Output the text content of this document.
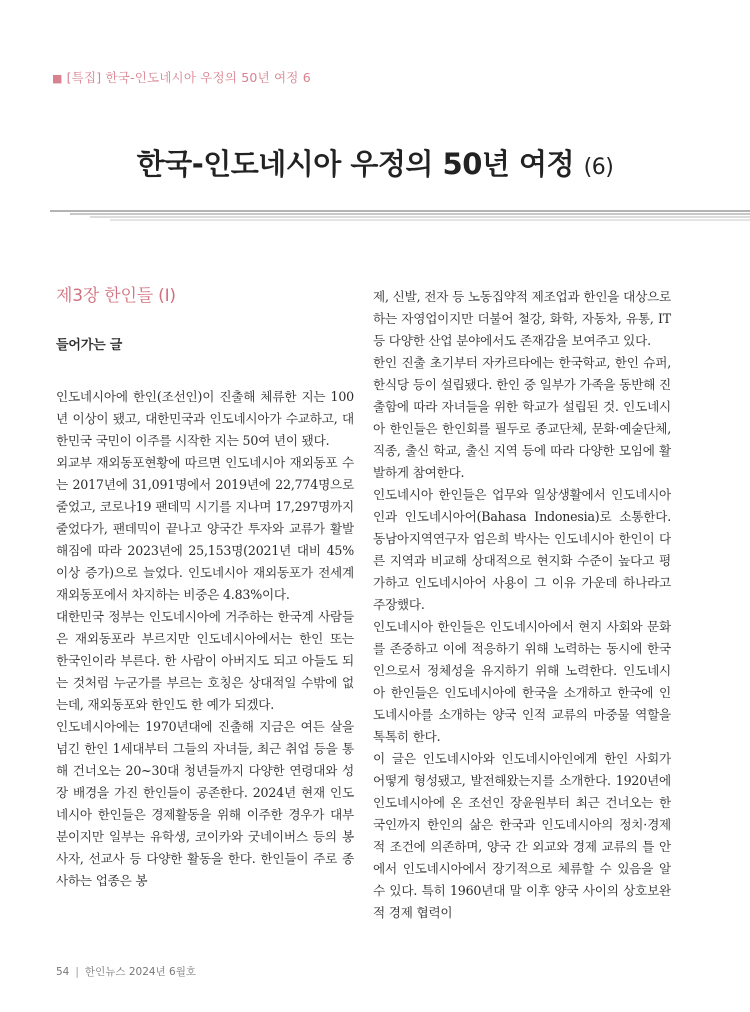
■ [특집] 한국-인도네시아 우정의 50년 여정 6
한국-인도네시아 우정의 50년 여정 (6)

제3장 한인들 (I)

들어가는 글

인도네시아에 한인(조선인)이 진출해 체류한 지는 100년 이상이 됐고, 대한민국과 인도네시아가 수교하고, 대한민국 국민이 이주를 시작한 지는 50여 년이 됐다.

외교부 재외동포현황에 따르면 인도네시아 재외동포 수는 2017년에 31,091명에서 2019년에 22,774명으로 줄었고, 코로나19 팬데믹 시기를 지나며 17,297명까지 줄었다가, 팬데믹이 끝나고 양국간 투자와 교류가 활발해짐에 따라 2023년에 25,153명(2021년 대비 45% 이상 증가)으로 늘었다. 인도네시아 재외동포가 전세계 재외동포에서 차지하는 비중은 4.83%이다.

대한민국 정부는 인도네시아에 거주하는 한국계 사람들은 재외동포라 부르지만 인도네시아에서는 한인 또는 한국인이라 부른다. 한 사람이 아버지도 되고 아들도 되는 것처럼 누군가를 부르는 호칭은 상대적일 수밖에 없는데, 재외동포와 한인도 한 예가 되겠다.

인도네시아에는 1970년대에 진출해 지금은 여든 살을 넘긴 한인 1세대부터 그들의 자녀들, 최근 취업 등을 통해 건너오는 20~30대 청년들까지 다양한 연령대와 성장 배경을 가진 한인들이 공존한다. 2024년 현재 인도네시아 한인들은 경제활동을 위해 이주한 경우가 대부분이지만 일부는 유학생, 코이카와 굿네이버스 등의 봉사자, 선교사 등 다양한 활동을 한다. 한인들이 주로 종사하는 업종은 봉

제, 신발, 전자 등 노동집약적 제조업과 한인을 대상으로 하는 자영업이지만 더불어 철강, 화학, 자동차, 유통, IT 등 다양한 산업 분야에서도 존재감을 보여주고 있다.

한인 진출 초기부터 자카르타에는 한국학교, 한인 슈퍼, 한식당 등이 설립됐다. 한인 중 일부가 가족을 동반해 진출함에 따라 자녀들을 위한 학교가 설립된 것. 인도네시아 한인들은 한인회를 필두로 종교단체, 문화·예술단체, 직종, 출신 학교, 출신 지역 등에 따라 다양한 모임에 활발하게 참여한다.

인도네시아 한인들은 업무와 일상생활에서 인도네시아인과 인도네시아어(Bahasa Indonesia)로 소통한다. 동남아지역연구자 엄은희 박사는 인도네시아 한인이 다른 지역과 비교해 상대적으로 현지화 수준이 높다고 평가하고 인도네시아어 사용이 그 이유 가운데 하나라고 주장했다.

인도네시아 한인들은 인도네시아에서 현지 사회와 문화를 존중하고 이에 적응하기 위해 노력하는 동시에 한국인으로서 정체성을 유지하기 위해 노력한다. 인도네시아 한인들은 인도네시아에 한국을 소개하고 한국에 인도네시아를 소개하는 양국 인적 교류의 마중물 역할을 톡톡히 한다.

이 글은 인도네시아와 인도네시아인에게 한인 사회가 어떻게 형성됐고, 발전해왔는지를 소개한다. 1920년에 인도네시아에 온 조선인 장윤원부터 최근 건너오는 한국인까지 한인의 삶은 한국과 인도네시아의 정치·경제적 조건에 의존하며, 양국 간 외교와 경제 교류의 틀 안에서 인도네시아에서 장기적으로 체류할 수 있음을 알 수 있다. 특히 1960년대 말 이후 양국 사이의 상호보완적 경제 협력이

54 | 한인뉴스 2024년 6월호
